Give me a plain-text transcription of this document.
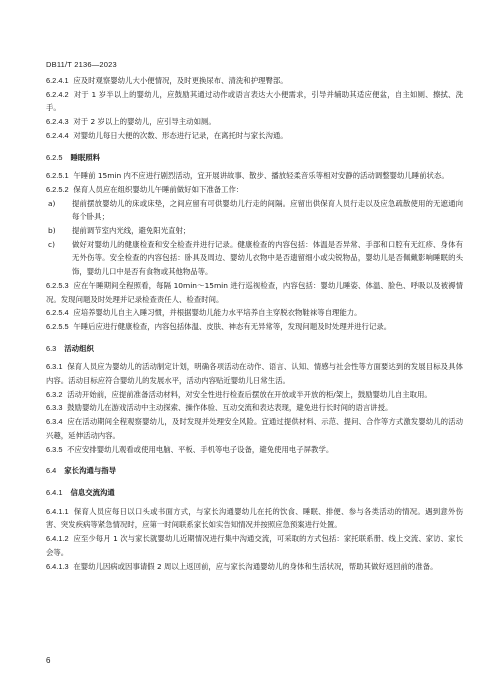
DB11/T 2136—2023

6.2.4.1 应及时观察婴幼儿大小便情况，及时更换尿布、清洗和护理臀部。

6.2.4.2 对于 1 岁半以上的婴幼儿，应鼓励其通过动作或语言表达大小便需求，引导并辅助其适应便盆，自主如厕、擦拭、洗手。

6.2.4.3 对于 2 岁以上的婴幼儿，应引导主动如厕。

6.2.4.4 对婴幼儿每日大便的次数、形态进行记录，在离托时与家长沟通。

6.2.5 睡眠照料

6.2.5.1 午睡前 15min 内不应进行剧烈活动，宜开展讲故事、散步、播放轻柔音乐等相对安静的活动调整婴幼儿睡前状态。

6.2.5.2 保育人员应在组织婴幼儿午睡前做好如下准备工作：

a)	提前摆放婴幼儿的床或床垫，之间应留有可供婴幼儿行走的间隔。应留出供保育人员行走以及应急疏散使用的无遮通向每个卧具；
b)	提前调节室内光线，避免阳光直射；
c)	做好对婴幼儿的健康检查和安全检查并进行记录。健康检查的内容包括：体温是否异常、手部和口腔有无红疹、身体有无外伤等。安全检查的内容包括：卧具及周边、婴幼儿衣物中是否遗留细小或尖锐物品，婴幼儿是否佩戴影响睡眠的头饰，婴幼儿口中是否有食物或其他物品等。

6.2.5.3 应在午睡期间全程照看，每隔 10min～15min 进行巡视检查，内容包括：婴幼儿睡姿、体温、脸色、呼吸以及被褥情况。发现问题及时处理并记录检查责任人、检查时间。

6.2.5.4 应培养婴幼儿自主入睡习惯，并根据婴幼儿能力水平培养自主穿脱衣物鞋袜等自理能力。

6.2.5.5 午睡后应进行健康检查，内容包括体温、皮肤、神态有无异常等，发现问题及时处理并进行记录。

6.3 活动组织

6.3.1 保育人员应为婴幼儿的活动制定计划，明确各项活动在动作、语言、认知、情感与社会性等方面要达到的发展目标及具体内容。活动目标应符合婴幼儿的发展水平，活动内容贴近婴幼儿日常生活。

6.3.2 活动开始前，应提前准备活动材料，对安全性进行检查后摆放在开放或半开放的柜/架上，鼓励婴幼儿自主取用。

6.3.3 鼓励婴幼儿在游戏活动中主动探索、操作体验、互动交流和表达表现，避免进行长时间的语言讲授。

6.3.4 应在活动期间全程观察婴幼儿，及时发现并处理安全风险。宜通过提供材料、示范、提问、合作等方式激发婴幼儿的活动兴趣，延伸活动内容。

6.3.5 不应安排婴幼儿观看或使用电脑、平板、手机等电子设备，避免使用电子屏教学。

6.4 家长沟通与指导
6.4.1 信息交流沟通

6.4.1.1 保育人员应每日以口头或书面方式，与家长沟通婴幼儿在托的饮食、睡眠、排便、参与各类活动的情况。遇到意外伤害、突发疾病等紧急情况时，应第一时间联系家长如实告知情况并按照应急预案进行处置。

6.4.1.2 应至少每月 1 次与家长就婴幼儿近期情况进行集中沟通交流，可采取的方式包括：家托联系册、线上交流、家访、家长会等。

6.4.1.3 在婴幼儿因病或因事请假 2 周以上返回前，应与家长沟通婴幼儿的身体和生活状况，帮助其做好返回前的准备。

6
